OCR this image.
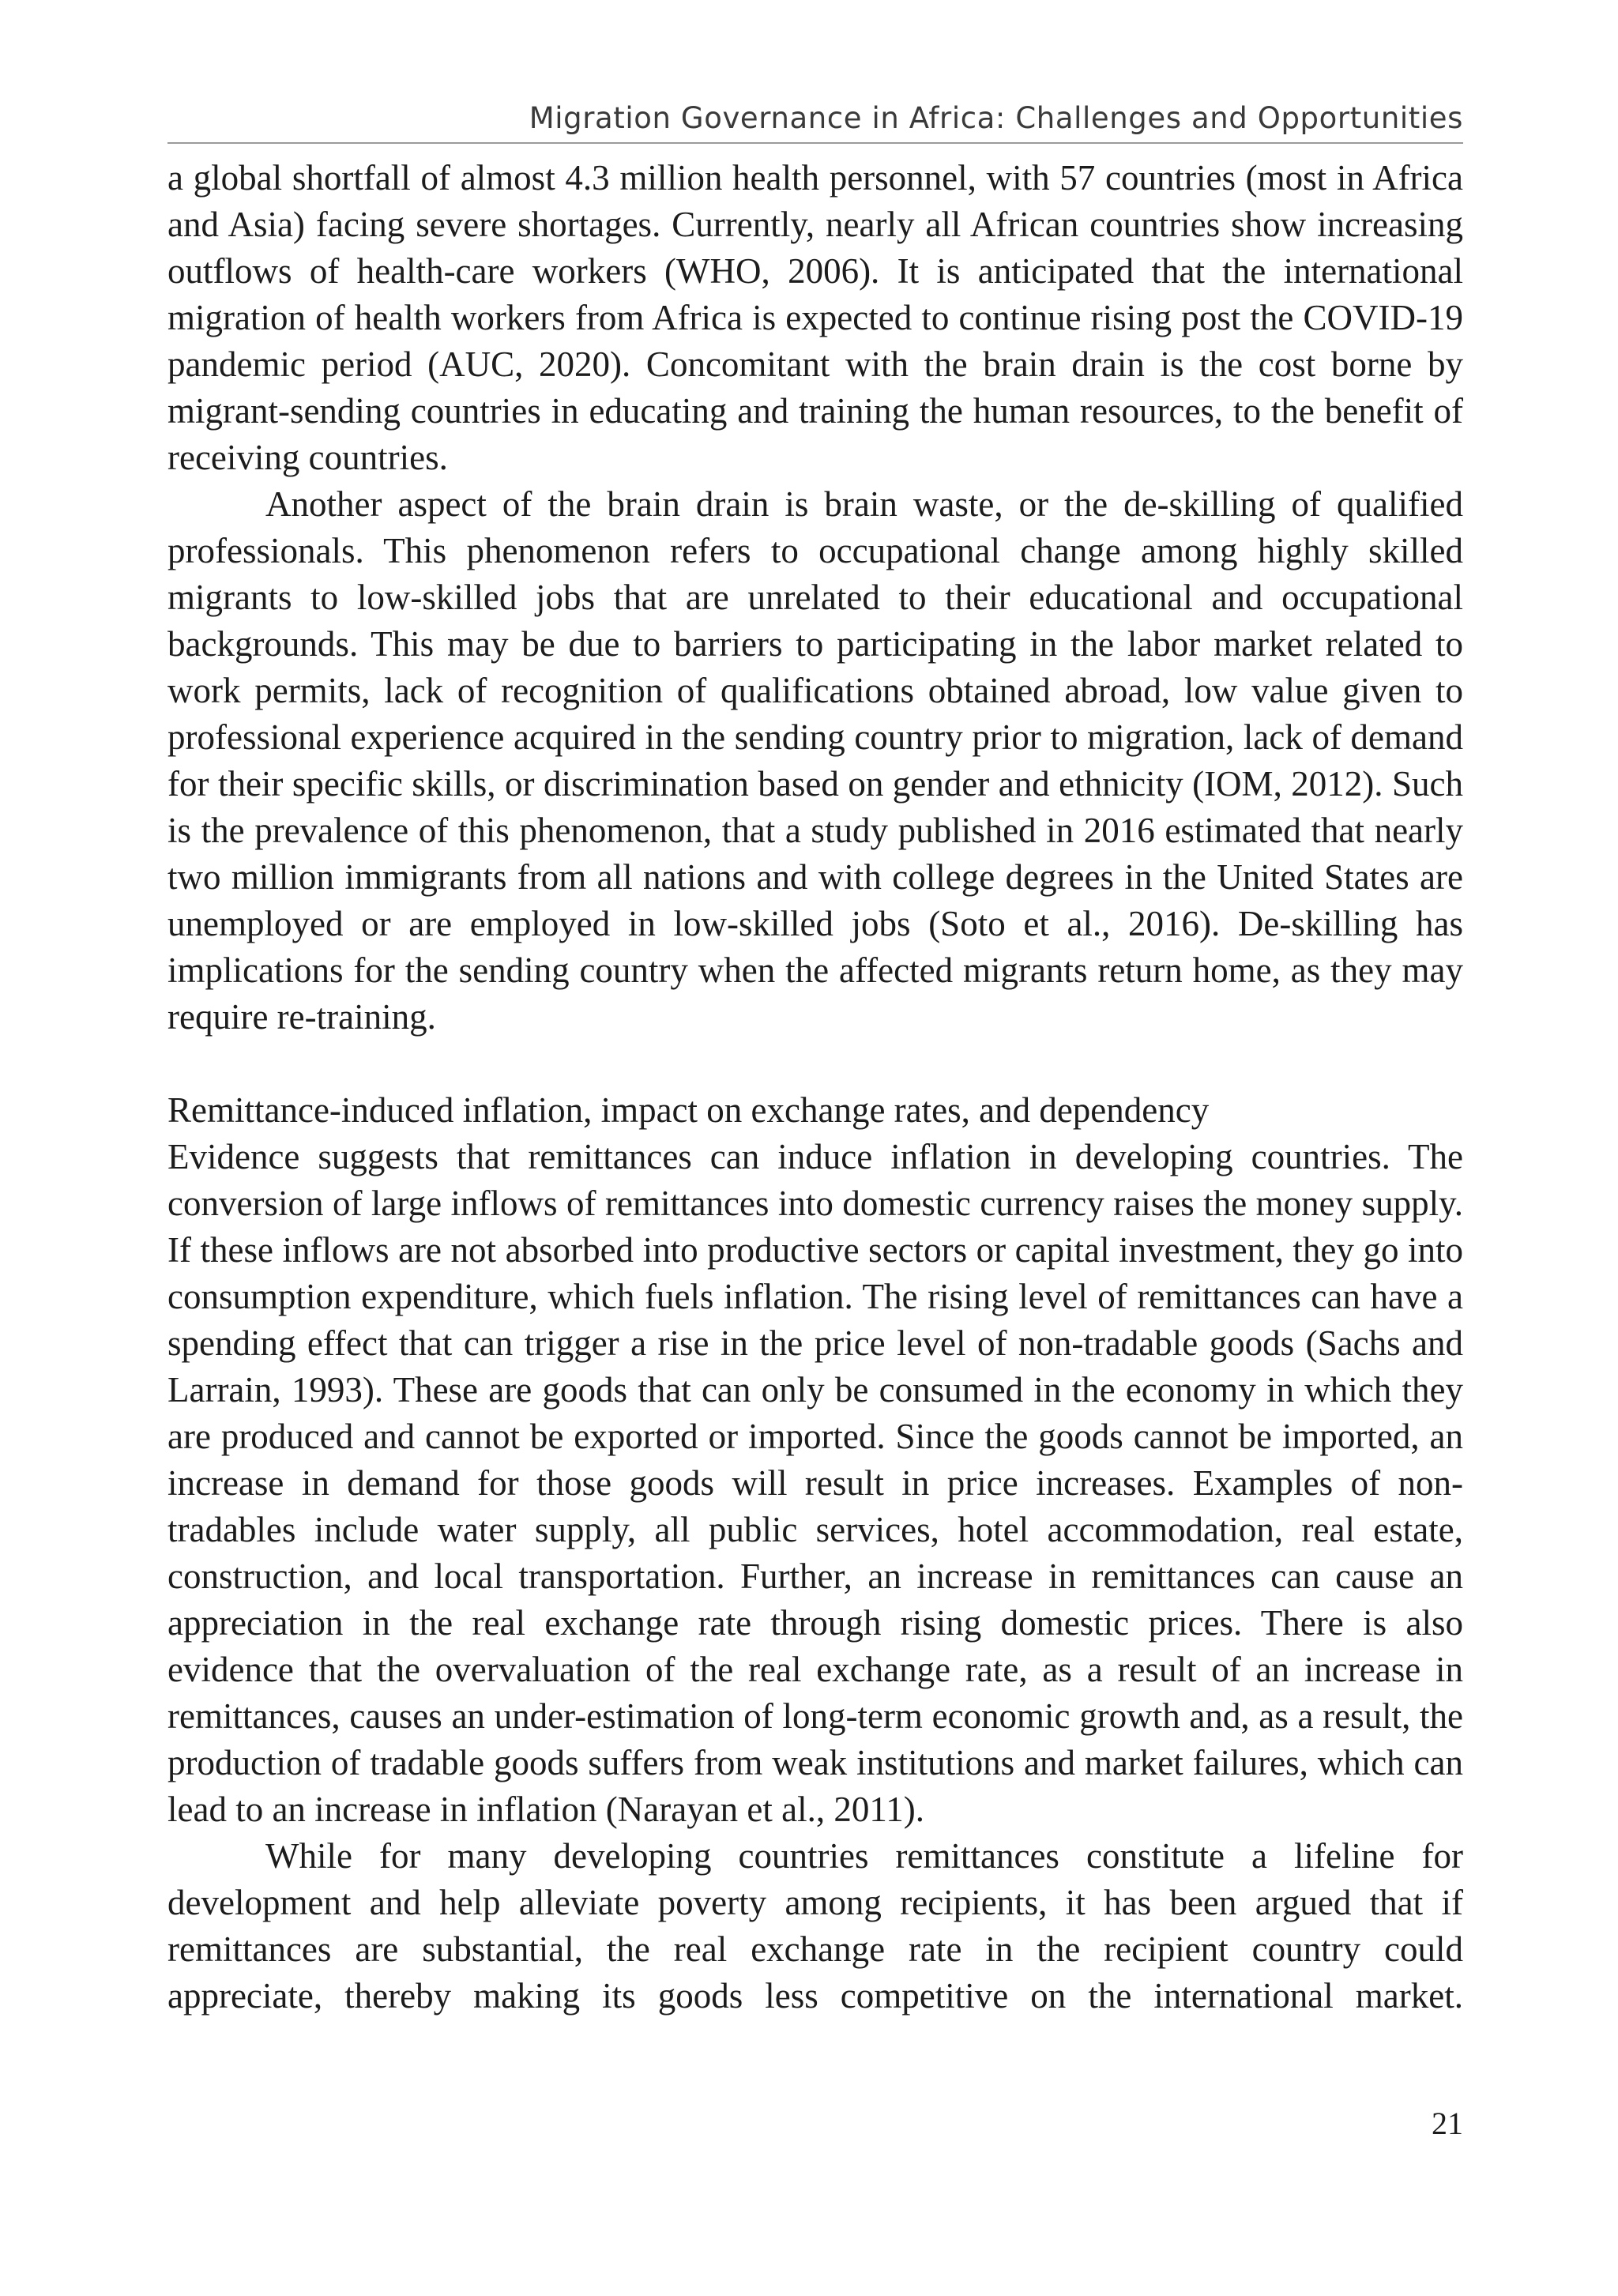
Migration Governance in Africa: Challenges and Opportunities

a global shortfall of almost 4.3 million health personnel, with 57 countries (most in Africa and Asia) facing severe shortages. Currently, nearly all African countries show increasing outflows of health-care workers (WHO, 2006). It is anticipated that the international migration of health workers from Africa is expected to continue rising post the COVID-19 pandemic period (AUC, 2020). Concomitant with the brain drain is the cost borne by migrant-sending countries in educating and training the human resources, to the benefit of receiving countries.

Another aspect of the brain drain is brain waste, or the de-skilling of qualified professionals. This phenomenon refers to occupational change among highly skilled migrants to low-skilled jobs that are unrelated to their educational and occupational backgrounds. This may be due to barriers to participating in the labor market related to work permits, lack of recognition of qualifications obtained abroad, low value given to professional experience acquired in the sending country prior to migration, lack of demand for their specific skills, or discrimination based on gender and ethnicity (IOM, 2012). Such is the prevalence of this phenomenon, that a study published in 2016 estimated that nearly two million immigrants from all nations and with college degrees in the United States are unemployed or are employed in low-skilled jobs (Soto et al., 2016). De-skilling has implications for the sending country when the affected migrants return home, as they may require re-training.

Remittance-induced inflation, impact on exchange rates, and dependency

Evidence suggests that remittances can induce inflation in developing countries. The conversion of large inflows of remittances into domestic currency raises the money supply. If these inflows are not absorbed into productive sectors or capital investment, they go into consumption expenditure, which fuels inflation. The rising level of remittances can have a spending effect that can trigger a rise in the price level of non-tradable goods (Sachs and Larrain, 1993). These are goods that can only be consumed in the economy in which they are produced and cannot be exported or imported. Since the goods cannot be imported, an increase in demand for those goods will result in price increases. Examples of non-tradables include water supply, all public services, hotel accommodation, real estate, construction, and local transportation. Further, an increase in remittances can cause an appreciation in the real exchange rate through rising domestic prices. There is also evidence that the overvaluation of the real exchange rate, as a result of an increase in remittances, causes an under-estimation of long-term economic growth and, as a result, the production of tradable goods suffers from weak institutions and market failures, which can lead to an increase in inflation (Narayan et al., 2011).

While for many developing countries remittances constitute a lifeline for development and help alleviate poverty among recipients, it has been argued that if remittances are substantial, the real exchange rate in the recipient country could appreciate, thereby making its goods less competitive on the international market.

21
